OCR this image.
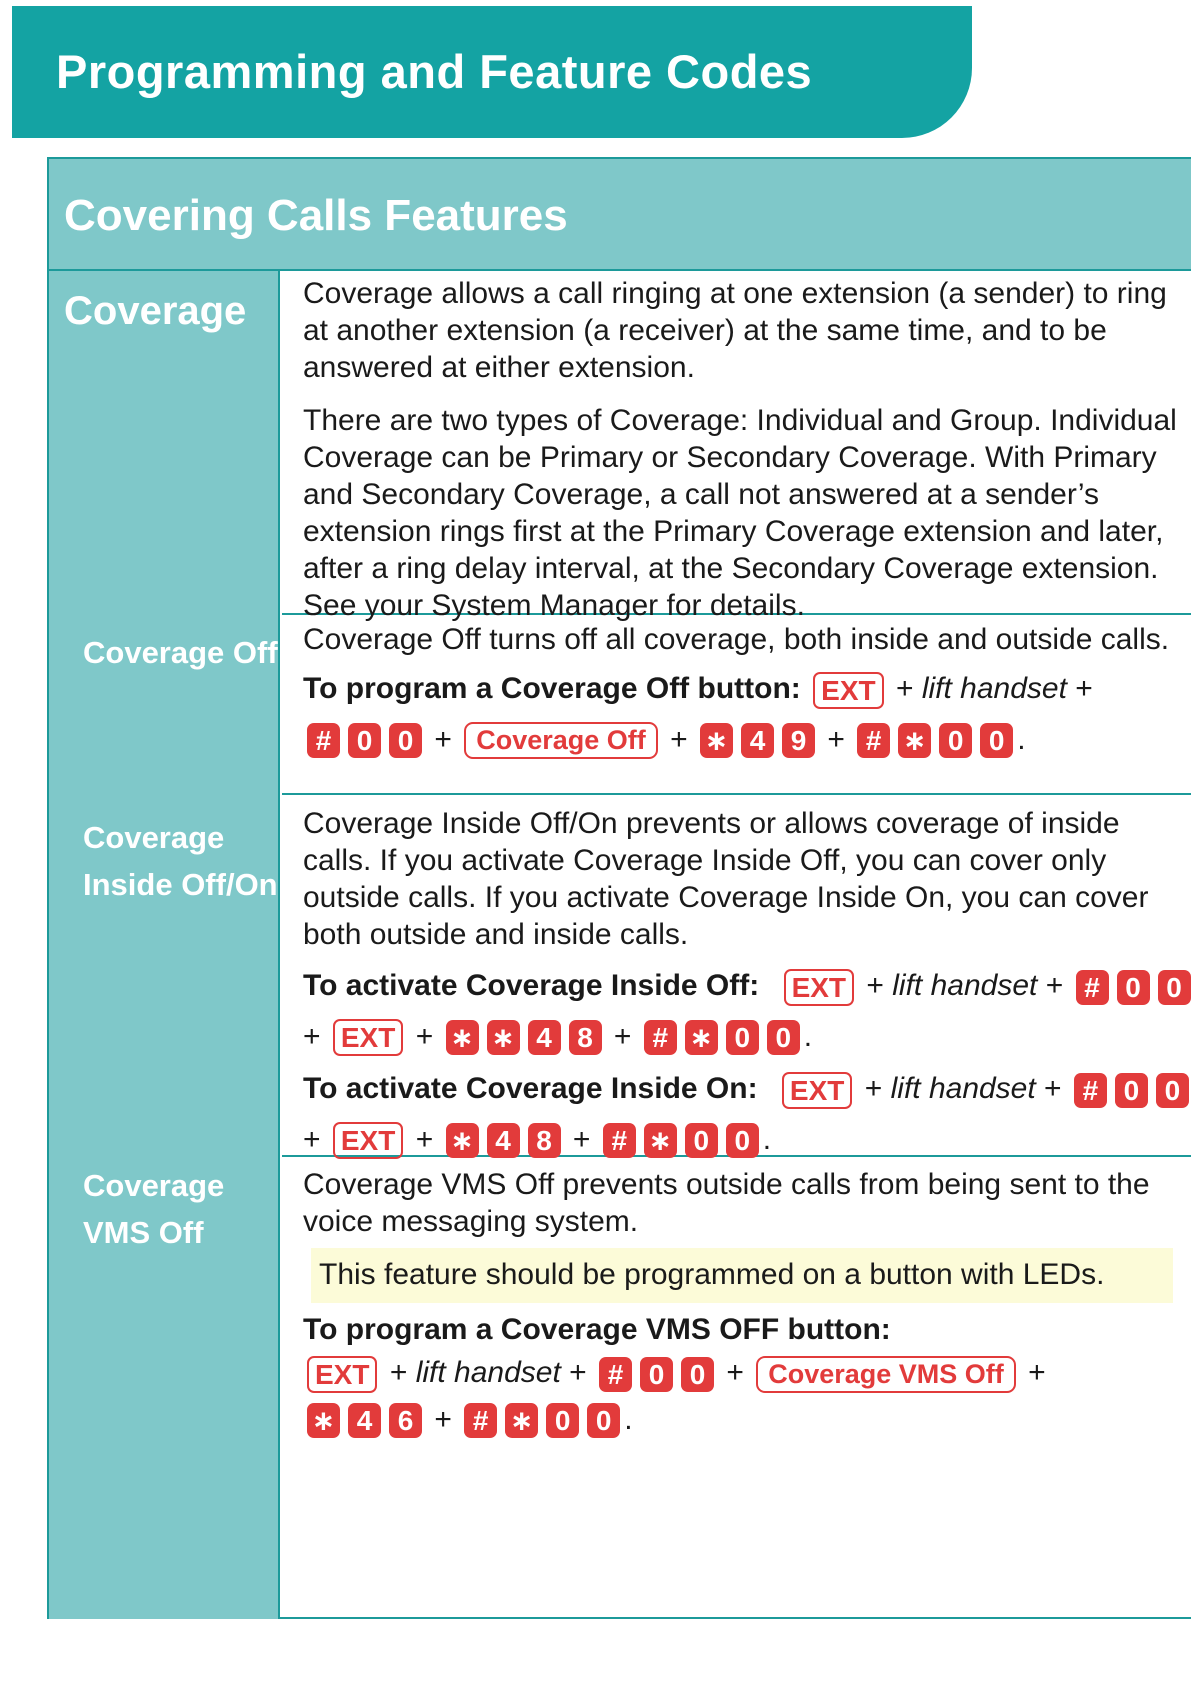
Programming and Feature Codes
Covering Calls Features
Coverage
Coverage Off
Coverage
Inside Off/On
Coverage
VMS Off

Coverage allows a call ringing at one extension (a sender) to ring at another extension (a receiver) at the same time, and to be answered at either extension.

There are two types of Coverage: Individual and Group. Individual Coverage can be Primary or Secondary Coverage. With Primary and Secondary Coverage, a call not answered at a sender’s extension rings first at the Primary Coverage extension and later, after a ring delay interval, at the Secondary Coverage extension. See your System Manager for details.

Coverage Off turns off all coverage, both inside and outside calls.

To program a Coverage Off button: EXT + lift handset +
# 0 0 + Coverage Off + ∗ 4 9 + # ∗ 0 0 .

Coverage Inside Off/On prevents or allows coverage of inside calls. If you activate Coverage Inside Off, you can cover only outside calls. If you activate Coverage Inside On, you can cover both outside and inside calls.

To activate Coverage Inside Off: EXT + lift handset + # 0 0
+ EXT + ∗ ∗ 4 8 + # ∗ 0 0 .
To activate Coverage Inside On: EXT + lift handset + # 0 0
+ EXT + ∗ 4 8 + # ∗ 0 0 .

Coverage VMS Off prevents outside calls from being sent to the voice messaging system.

This feature should be programmed on a button with LEDs.
To program a Coverage VMS OFF button:
EXT + lift handset + # 0 0 + Coverage VMS Off +
∗ 4 6 + # ∗ 0 0 .
